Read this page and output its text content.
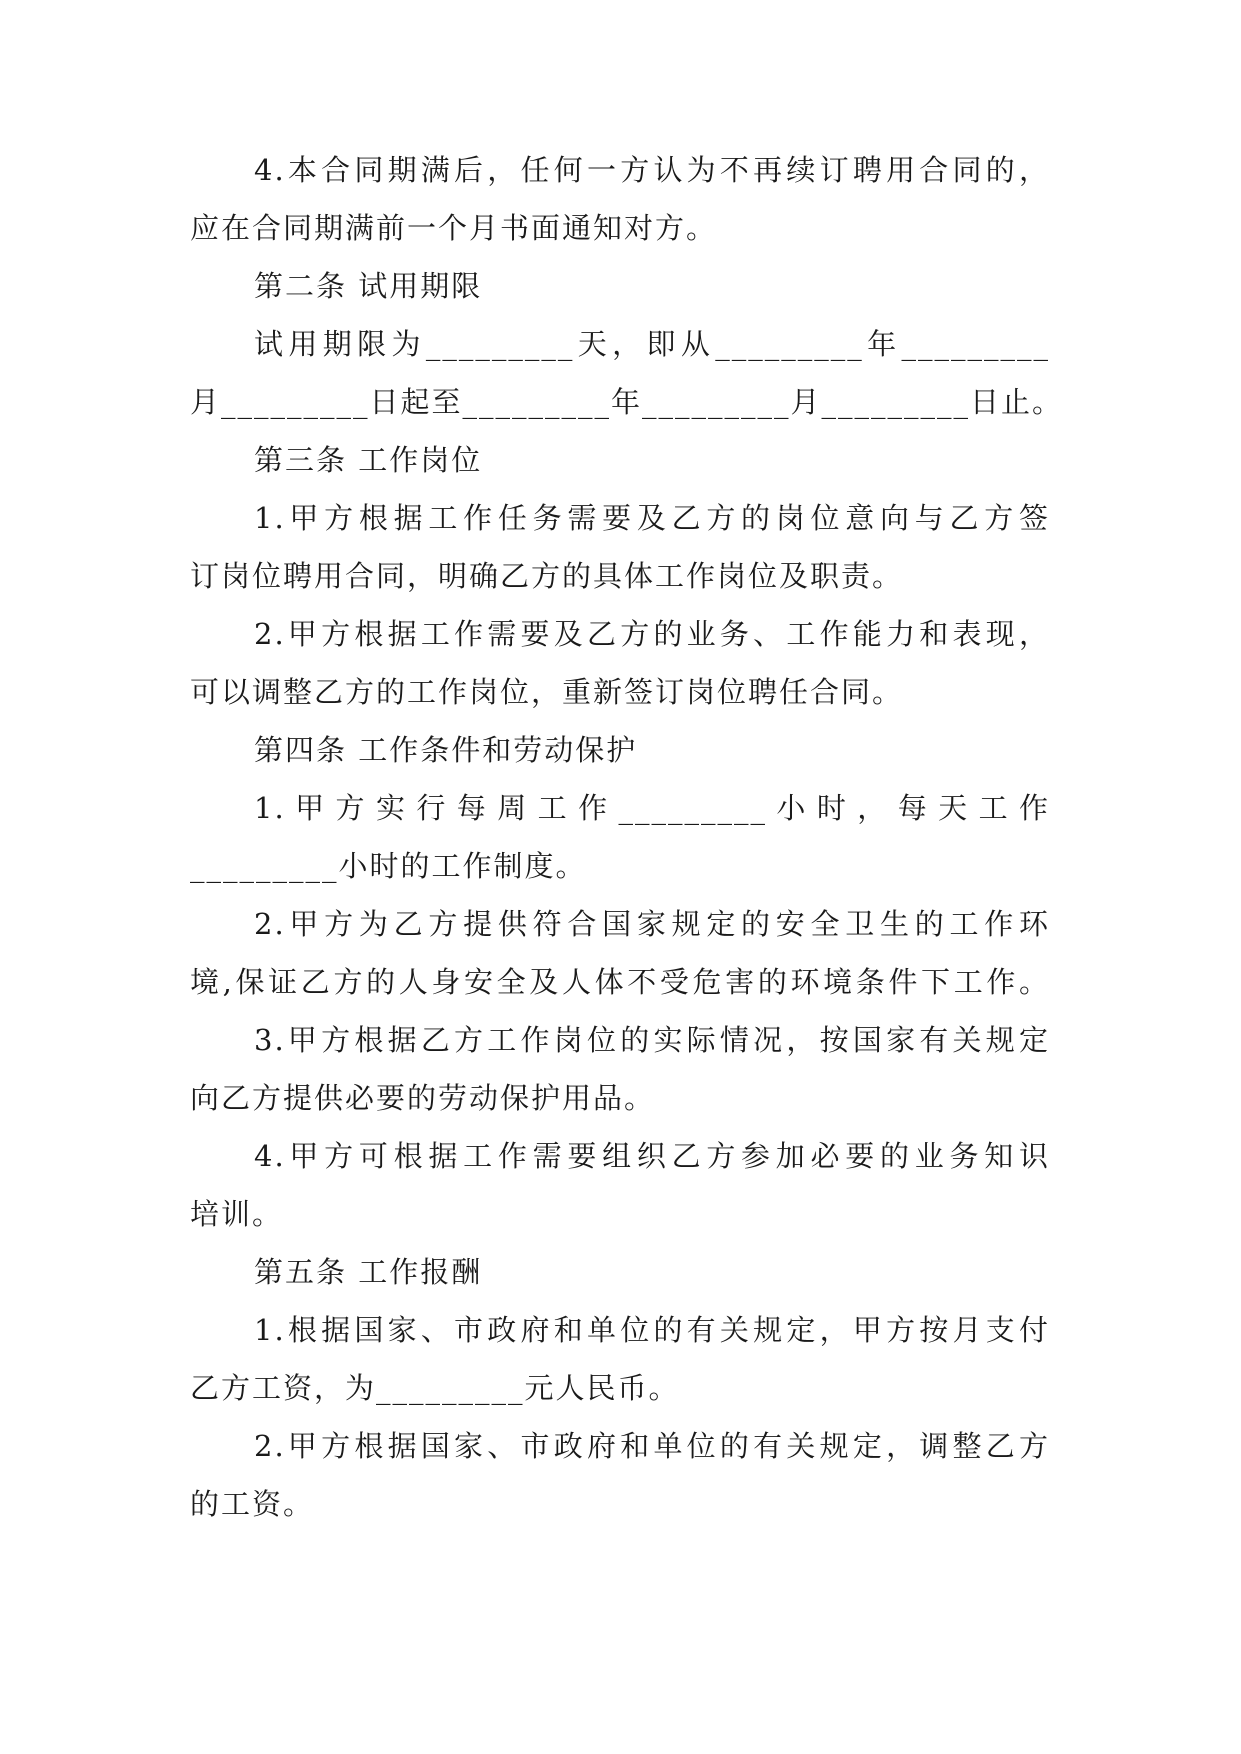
4.本合同期满后，任何一方认为不再续订聘用合同的，
应在合同期满前一个月书面通知对方。
第二条 试用期限
试用期限为_________天，即从_________年_________
月_________日起至_________年_________月_________日止。
第三条 工作岗位
1.甲方根据工作任务需要及乙方的岗位意向与乙方签
订岗位聘用合同，明确乙方的具体工作岗位及职责。
2.甲方根据工作需要及乙方的业务、工作能力和表现，
可以调整乙方的工作岗位，重新签订岗位聘任合同。
第四条 工作条件和劳动保护
1.甲方实行每周工作_________小时，每天工作
_________小时的工作制度。
2.甲方为乙方提供符合国家规定的安全卫生的工作环
境,保证乙方的人身安全及人体不受危害的环境条件下工作。
3.甲方根据乙方工作岗位的实际情况，按国家有关规定
向乙方提供必要的劳动保护用品。
4.甲方可根据工作需要组织乙方参加必要的业务知识
培训。
第五条 工作报酬
1.根据国家、市政府和单位的有关规定，甲方按月支付
乙方工资，为_________元人民币。
2.甲方根据国家、市政府和单位的有关规定，调整乙方
的工资。
